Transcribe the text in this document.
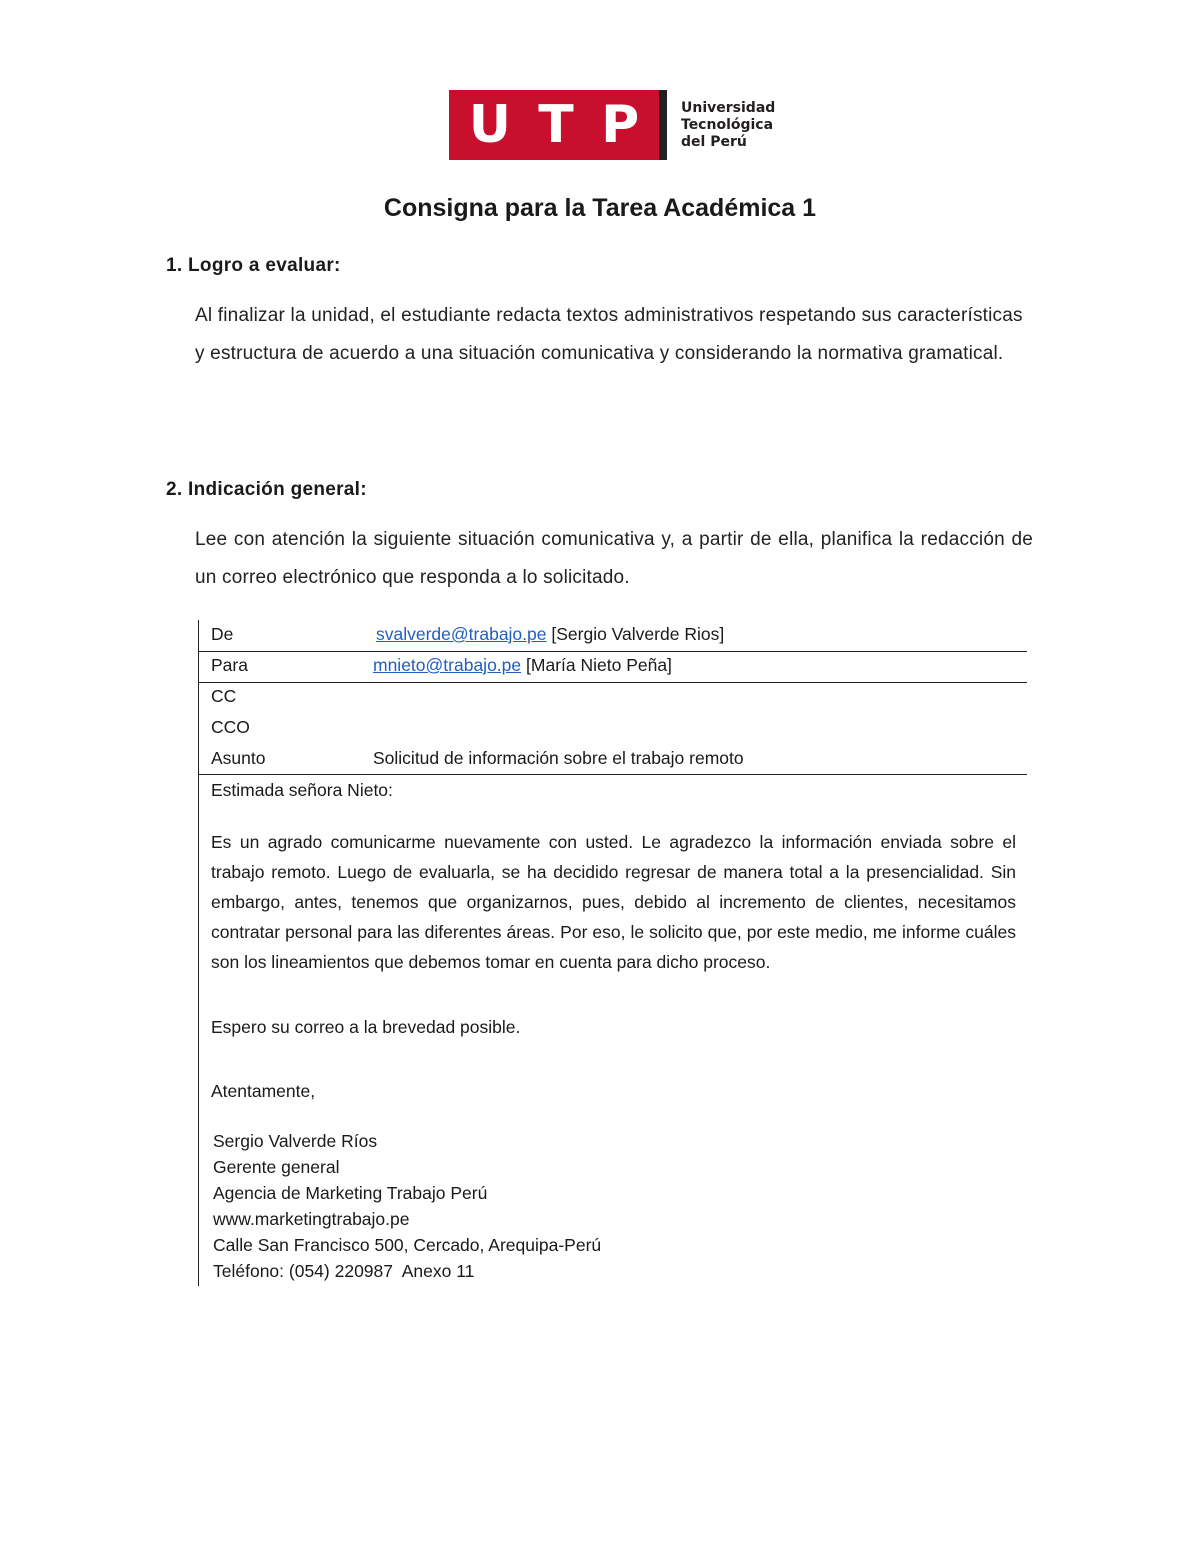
U T P	Universidad
Tecnológica
del Perú
Consigna para la Tarea Académica 1
1. Logro a evaluar:

Al finalizar la unidad, el estudiante redacta textos administrativos respetando sus características y estructura de acuerdo a una situación comunicativa y considerando la normativa gramatical.

2. Indicación general:

Lee con atención la siguiente situación comunicativa y, a partir de ella, planifica la redacción de un correo electrónico que responda a lo solicitado.

De	svalverde@trabajo.pe [Sergio Valverde Rios]
Para	mnieto@trabajo.pe [María Nieto Peña]
CC
CCO
Asunto	Solicitud de información sobre el trabajo remoto
Estimada señora Nieto:

Es un agrado comunicarme nuevamente con usted. Le agradezco la información enviada sobre el trabajo remoto. Luego de evaluarla, se ha decidido regresar de manera total a la presencialidad. Sin embargo, antes, tenemos que organizarnos, pues, debido al incremento de clientes, necesitamos contratar personal para las diferentes áreas. Por eso, le solicito que, por este medio, me informe cuáles son los lineamientos que debemos tomar en cuenta para dicho proceso.

Espero su correo a la brevedad posible.
Atentamente,
Sergio Valverde Ríos
Gerente general
Agencia de Marketing Trabajo Perú
www.marketingtrabajo.pe
Calle San Francisco 500, Cercado, Arequipa-Perú
Teléfono: (054) 220987  Anexo 11
